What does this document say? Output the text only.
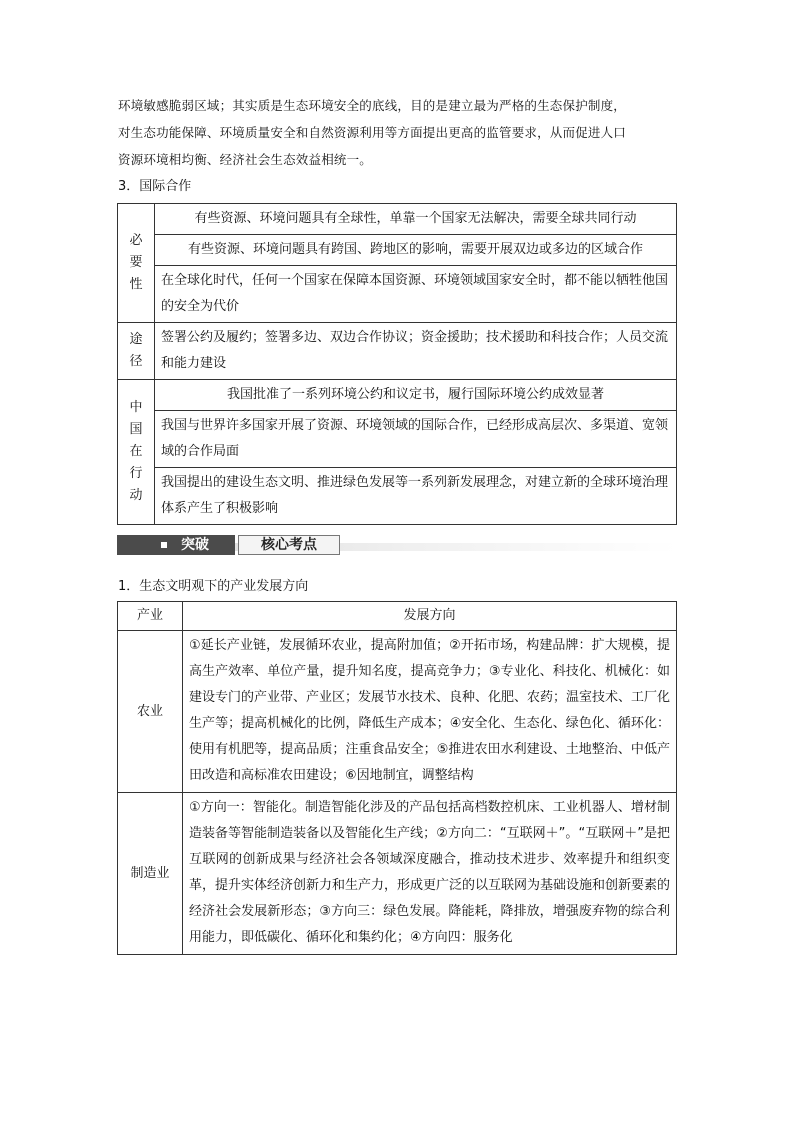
环境敏感脆弱区域；其实质是生态环境安全的底线，目的是建立最为严格的生态保护制度，

对生态功能保障、环境质量安全和自然资源利用等方面提出更高的监管要求，从而促进人口

资源环境相均衡、经济社会生态效益相统一。

3．国际合作
必
要
性	有些资源、环境问题具有全球性，单靠一个国家无法解决，需要全球共同行动
	有些资源、环境问题具有跨国、跨地区的影响，需要开展双边或多边的区域合作
	在全球化时代，任何一个国家在保障本国资源、环境领域国家安全时，都不能以牺牲他国的安全为代价

途
径	签署公约及履约；签署多边、双边合作协议；资金援助；技术援助和科技合作；人员交流和能力建设

中
国
在
行
动	我国批准了一系列环境公约和议定书，履行国际环境公约成效显著
	我国与世界许多国家开展了资源、环境领域的国际合作，已经形成高层次、多渠道、宽领域的合作局面
	我国提出的建设生态文明、推进绿色发展等一系列新发展理念，对建立新的全球环境治理体系产生了积极影响
突破	核心考点
1．生态文明观下的产业发展方向
产业	发展方向
农业	①延长产业链，发展循环农业，提高附加值；②开拓市场，构建品牌：扩大规模，提高生产效率、单位产量，提升知名度，提高竞争力；③专业化、科技化、机械化：如建设专门的产业带、产业区；发展节水技术、良种、化肥、农药；温室技术、工厂化生产等；提高机械化的比例，降低生产成本；④安全化、生态化、绿色化、循环化：使用有机肥等，提高品质；注重食品安全；⑤推进农田水利建设、土地整治、中低产田改造和高标准农田建设；⑥因地制宜，调整结构
制造业	①方向一：智能化。制造智能化涉及的产品包括高档数控机床、工业机器人、增材制造装备等智能制造装备以及智能化生产线；②方向二：“互联网＋”。“互联网＋”是把互联网的创新成果与经济社会各领域深度融合，推动技术进步、效率提升和组织变革，提升实体经济创新力和生产力，形成更广泛的以互联网为基础设施和创新要素的经济社会发展新形态；③方向三：绿色发展。降能耗，降排放，增强废弃物的综合利用能力，即低碳化、循环化和集约化；④方向四：服务化
